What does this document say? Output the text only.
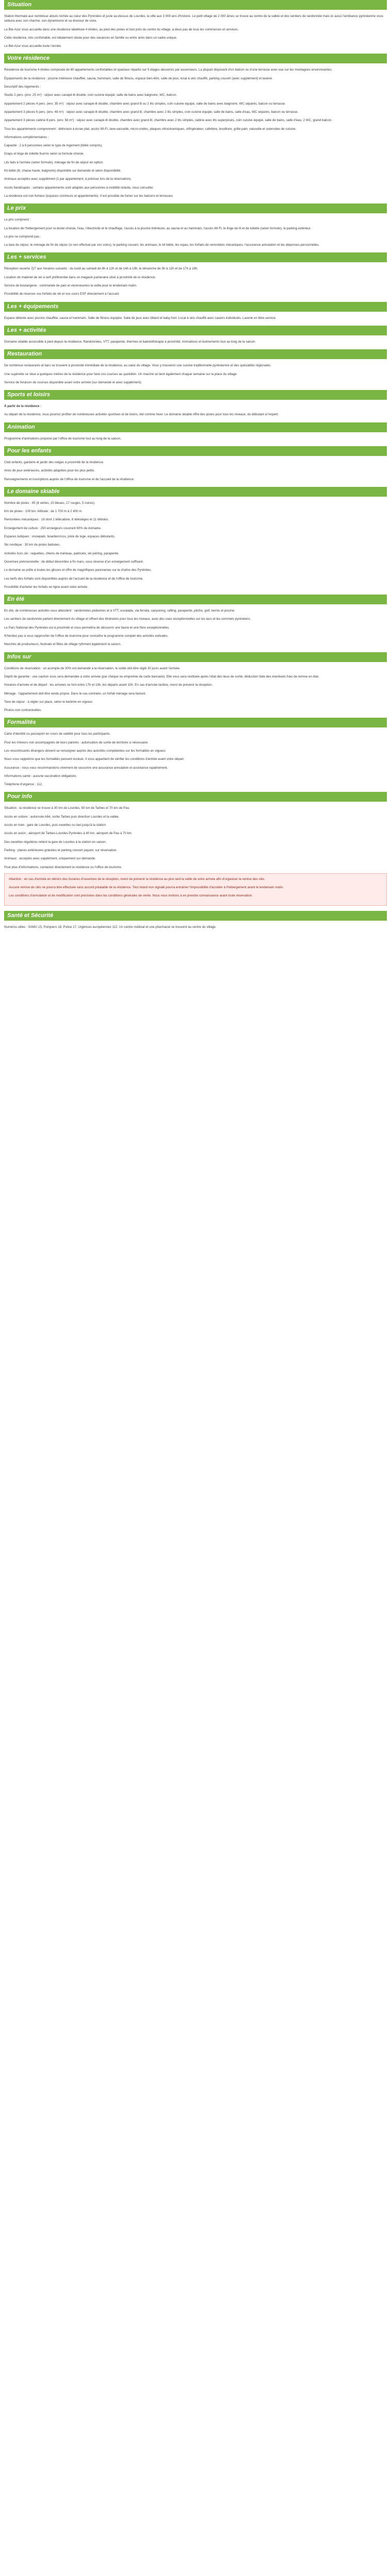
Situation

Station thermale aux nombreux atouts nichée au cœur des Pyrénées et juste au-dessus de Lourdes, la ville aux 3 000 ans d'histoire. Le petit village de 2 000 âmes se trouve au centre de la vallée et des sentiers de randonnée mais ici aussi l'ambiance pyrénéenne vous séduira avec son charme, son dynamisme et sa douceur de vivre.

Le Bel-Azur vous accueille dans une résidence labellisée 4 étoiles, au pied des pistes et tout près du centre du village, à deux pas de tous les commerces et services.

Cette résidence, très confortable, est idéalement située pour des vacances en famille ou entre amis dans un cadre unique.

Le Bel-Azur vous accueille toute l'année.

Votre résidence

Résidence de tourisme 4 étoiles composée de 80 appartements confortables et spacieux répartis sur 5 étages desservis par ascenseurs. La plupart disposent d'un balcon ou d'une terrasse avec vue sur les montagnes environnantes.

Équipements de la résidence : piscine intérieure chauffée, sauna, hammam, salle de fitness, espace bien-être, salle de jeux, local à skis chauffé, parking couvert (avec supplément) et laverie.

Descriptif des logements :

Studio 2 pers. (env. 25 m²) : séjour avec canapé-lit double, coin cuisine équipé, salle de bains avec baignoire, WC, balcon.

Appartement 2 pièces 4 pers. (env. 35 m²) : séjour avec canapé-lit double, chambre avec grand lit ou 2 lits simples, coin cuisine équipé, salle de bains avec baignoire, WC séparés, balcon ou terrasse.

Appartement 3 pièces 6 pers. (env. 48 m²) : séjour avec canapé-lit double, chambre avec grand lit, chambre avec 2 lits simples, coin cuisine équipé, salle de bains, salle d'eau, WC séparés, balcon ou terrasse.

Appartement 3 pièces cabine 8 pers. (env. 56 m²) : séjour avec canapé-lit double, chambre avec grand lit, chambre avec 2 lits simples, cabine avec lits superposés, coin cuisine équipé, salle de bains, salle d'eau, 2 WC, grand balcon.

Tous les appartements comprennent : télévision à écran plat, accès Wi-Fi, lave-vaisselle, micro-ondes, plaques vitrocéramiques, réfrigérateur, cafetière, bouilloire, grille-pain, vaisselle et ustensiles de cuisine.

Informations complémentaires :

Capacité : 2 à 8 personnes selon le type de logement (bébé compris).

Draps et linge de toilette fournis selon la formule choisie.

Lits faits à l'arrivée (selon formule), ménage de fin de séjour en option.

Kit bébé (lit, chaise haute, baignoire) disponible sur demande et selon disponibilité.

Animaux acceptés avec supplément (1 par appartement, à préciser lors de la réservation).

Accès handicapés : certains appartements sont adaptés aux personnes à mobilité réduite, nous consulter.

La résidence est non-fumeur (espaces communs et appartements). Il est possible de fumer sur les balcons et terrasses.

Le prix

Le prix comprend :

La location de l'hébergement pour la durée choisie, l'eau, l'électricité et le chauffage, l'accès à la piscine intérieure, au sauna et au hammam, l'accès Wi-Fi, le linge de lit et de toilette (selon formule), le parking extérieur.

Le prix ne comprend pas :

La taxe de séjour, le ménage de fin de séjour (si non effectué par vos soins), le parking couvert, les animaux, le kit bébé, les repas, les forfaits de remontées mécaniques, l'assurance annulation et les dépenses personnelles.

Les + services

Réception ouverte 7j/7 aux horaires suivants : du lundi au samedi de 8h à 12h et de 14h à 19h, le dimanche de 9h à 12h et de 17h à 19h.

Location de matériel de ski à tarif préférentiel dans un magasin partenaire situé à proximité de la résidence.

Service de boulangerie : commande de pain et viennoiseries la veille pour le lendemain matin.

Possibilité de réserver vos forfaits de ski et vos cours ESF directement à l'accueil.

Les + équipements

Espace détente avec piscine chauffée, sauna et hammam. Salle de fitness équipée. Salle de jeux avec billard et baby-foot. Local à skis chauffé avec casiers individuels. Laverie en libre-service.

Les + activités

Domaine skiable accessible à pied depuis la résidence. Randonnées, VTT, parapente, thermes et balnéothérapie à proximité. Animations et événements tout au long de la saison.

Restauration

De nombreux restaurants et bars se trouvent à proximité immédiate de la résidence, au cœur du village. Vous y trouverez une cuisine traditionnelle pyrénéenne et des spécialités régionales.

Une supérette se situe à quelques mètres de la résidence pour faire vos courses au quotidien. Un marché se tient également chaque semaine sur la place du village.

Service de livraison de courses disponible avant votre arrivée (sur demande et avec supplément).

Sports et loisirs
À partir de la résidence :
Au départ de la résidence, vous pourrez profiter de nombreuses activités sportives et de loisirs, été comme hiver. Le domaine skiable offre des pistes pour tous les niveaux, du débutant à l'expert.
Animation

Programme d'animations proposé par l'office de tourisme tout au long de la saison.

Pour les enfants

Club enfants, garderie et jardin des neiges à proximité de la résidence.

Aires de jeux extérieures, activités adaptées pour les plus petits.

Renseignements et inscriptions auprès de l'office de tourisme et de l'accueil de la résidence.

Le domaine skiable

Nombre de pistes : 45 (8 vertes, 15 bleues, 17 rouges, 5 noires).

Km de pistes : 100 km. Altitude : de 1 700 m à 2 400 m.

Remontées mécaniques : 18 dont 1 télécabine, 6 télésièges et 11 téléskis.

Enneigement de culture : 250 enneigeurs couvrant 60% du domaine.

Espaces ludiques : snowpark, boardercross, piste de luge, espaces débutants.

Ski nordique : 30 km de pistes balisées.

Activités hors ski : raquettes, chiens de traîneau, patinoire, ski joëring, parapente.

Ouverture prévisionnelle : de début décembre à fin mars, sous réserve d'un enneigement suffisant.

Le domaine se prête à toutes les glisses et offre de magnifiques panoramas sur la chaîne des Pyrénées.

Les tarifs des forfaits sont disponibles auprès de l'accueil de la résidence et de l'office de tourisme.

Possibilité d'acheter les forfaits en ligne avant votre arrivée.

En été

En été, de nombreuses activités vous attendent : randonnées pédestres et à VTT, escalade, via ferrata, canyoning, rafting, parapente, pêche, golf, tennis et piscine.

Les sentiers de randonnée partent directement du village et offrent des itinéraires pour tous les niveaux, avec des vues exceptionnelles sur les lacs et les sommets pyrénéens.

Le Parc National des Pyrénées est à proximité et vous permettra de découvrir une faune et une flore exceptionnelles.

N'hésitez pas à vous rapprocher de l'office de tourisme pour connaître le programme complet des activités estivales.

Marchés de producteurs, festivals et fêtes de village rythment également la saison.

Infos sur

Conditions de réservation : un acompte de 30% est demandé à la réservation, le solde doit être réglé 30 jours avant l'arrivée.

Dépôt de garantie : une caution vous sera demandée à votre arrivée (par chèque ou empreinte de carte bancaire). Elle vous sera restituée après l'état des lieux de sortie, déduction faite des éventuels frais de remise en état.

Horaires d'arrivée et de départ : les arrivées se font entre 17h et 19h, les départs avant 10h. En cas d'arrivée tardive, merci de prévenir la réception.

Ménage : l'appartement doit être rendu propre. Dans le cas contraire, un forfait ménage sera facturé.

Taxe de séjour : à régler sur place, selon le barème en vigueur.

Photos non contractuelles.

Formalités

Carte d'identité ou passeport en cours de validité pour tous les participants.

Pour les mineurs non accompagnés de leurs parents : autorisation de sortie de territoire si nécessaire.

Les ressortissants étrangers doivent se renseigner auprès des autorités compétentes sur les formalités en vigueur.

Nous vous rappelons que les formalités peuvent évoluer. Il vous appartient de vérifier les conditions d'entrée avant votre départ.

Assurance : nous vous recommandons vivement de souscrire une assurance annulation et assistance rapatriement.

Informations santé : aucune vaccination obligatoire.

Téléphone d'urgence : 112.

Pour info

Situation : la résidence se trouve à 30 km de Lourdes, 50 km de Tarbes et 70 km de Pau.

Accès en voiture : autoroute A64, sortie Tarbes puis direction Lourdes et la vallée.

Accès en train : gare de Lourdes, puis navettes ou taxi jusqu'à la station.

Accès en avion : aéroport de Tarbes-Lourdes-Pyrénées à 40 km, aéroport de Pau à 70 km.

Des navettes régulières relient la gare de Lourdes à la station en saison.

Parking : places extérieures gratuites et parking couvert payant, sur réservation.

Animaux : acceptés avec supplément, uniquement sur demande.

Pour plus d'informations, contactez directement la résidence ou l'office de tourisme.

Attention : en cas d'arrivée en dehors des horaires d'ouverture de la réception, merci de prévenir la résidence au plus tard la veille de votre arrivée afin d'organiser la remise des clés.

Aucune remise de clés ne pourra être effectuée sans accord préalable de la résidence. Tout retard non signalé pourra entraîner l'impossibilité d'accéder à l'hébergement avant le lendemain matin.

Les conditions d'annulation et de modification sont précisées dans les conditions générales de vente. Nous vous invitons à en prendre connaissance avant toute réservation.

Santé et Sécurité

Numéros utiles : SAMU 15, Pompiers 18, Police 17, Urgences européennes 112. Un centre médical et une pharmacie se trouvent au centre du village.
